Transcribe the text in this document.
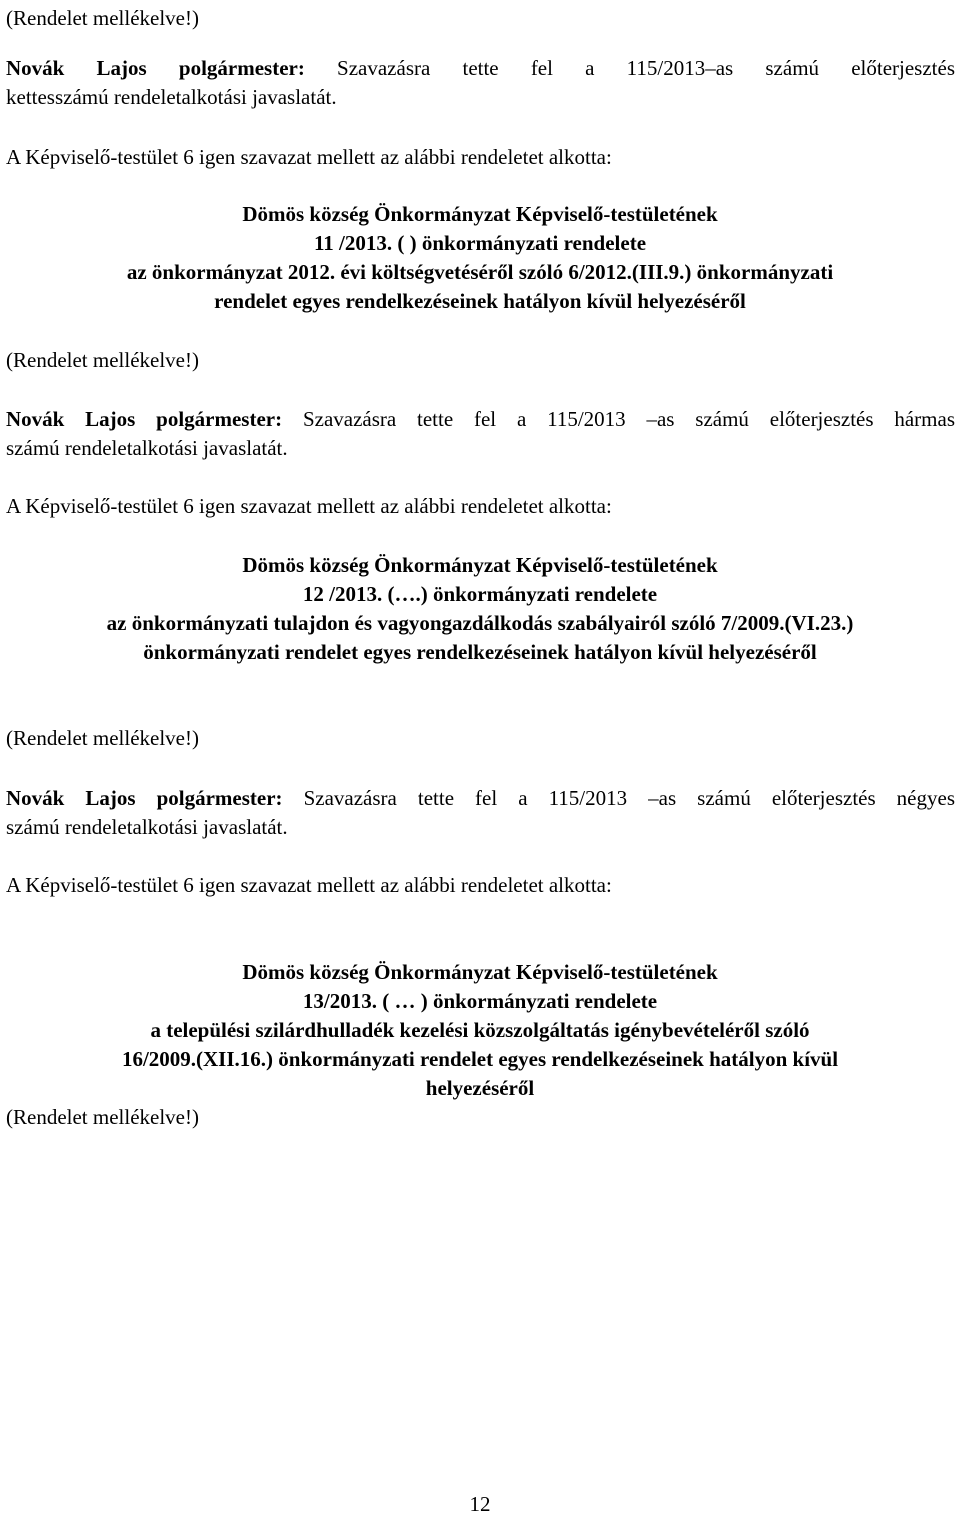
(Rendelet mellékelve!)
Novák Lajos polgármester: Szavazásra tette fel a 115/2013–as számú előterjesztés
kettesszámú rendeletalkotási javaslatát.
A Képviselő-testület 6 igen szavazat mellett az alábbi rendeletet alkotta:
Dömös község Önkormányzat Képviselő-testületének
11 /2013. ( ) önkormányzati rendelete
az önkormányzat 2012. évi költségvetéséről szóló 6/2012.(III.9.) önkormányzati
rendelet egyes rendelkezéseinek hatályon kívül helyezéséről
(Rendelet mellékelve!)
Novák Lajos polgármester: Szavazásra tette fel a 115/2013 –as számú előterjesztés hármas
számú rendeletalkotási javaslatát.
A Képviselő-testület 6 igen szavazat mellett az alábbi rendeletet alkotta:
Dömös község Önkormányzat Képviselő-testületének
12 /2013. (….) önkormányzati rendelete
az önkormányzati tulajdon és vagyongazdálkodás szabályairól szóló 7/2009.(VI.23.)
önkormányzati rendelet egyes rendelkezéseinek hatályon kívül helyezéséről
(Rendelet mellékelve!)
Novák Lajos polgármester: Szavazásra tette fel a 115/2013 –as számú előterjesztés négyes
számú rendeletalkotási javaslatát.
A Képviselő-testület 6 igen szavazat mellett az alábbi rendeletet alkotta:
Dömös község Önkormányzat Képviselő-testületének
13/2013. ( … ) önkormányzati rendelete
a települési szilárdhulladék kezelési közszolgáltatás igénybevételéről szóló
16/2009.(XII.16.) önkormányzati rendelet egyes rendelkezéseinek hatályon kívül
helyezéséről
(Rendelet mellékelve!)
12
